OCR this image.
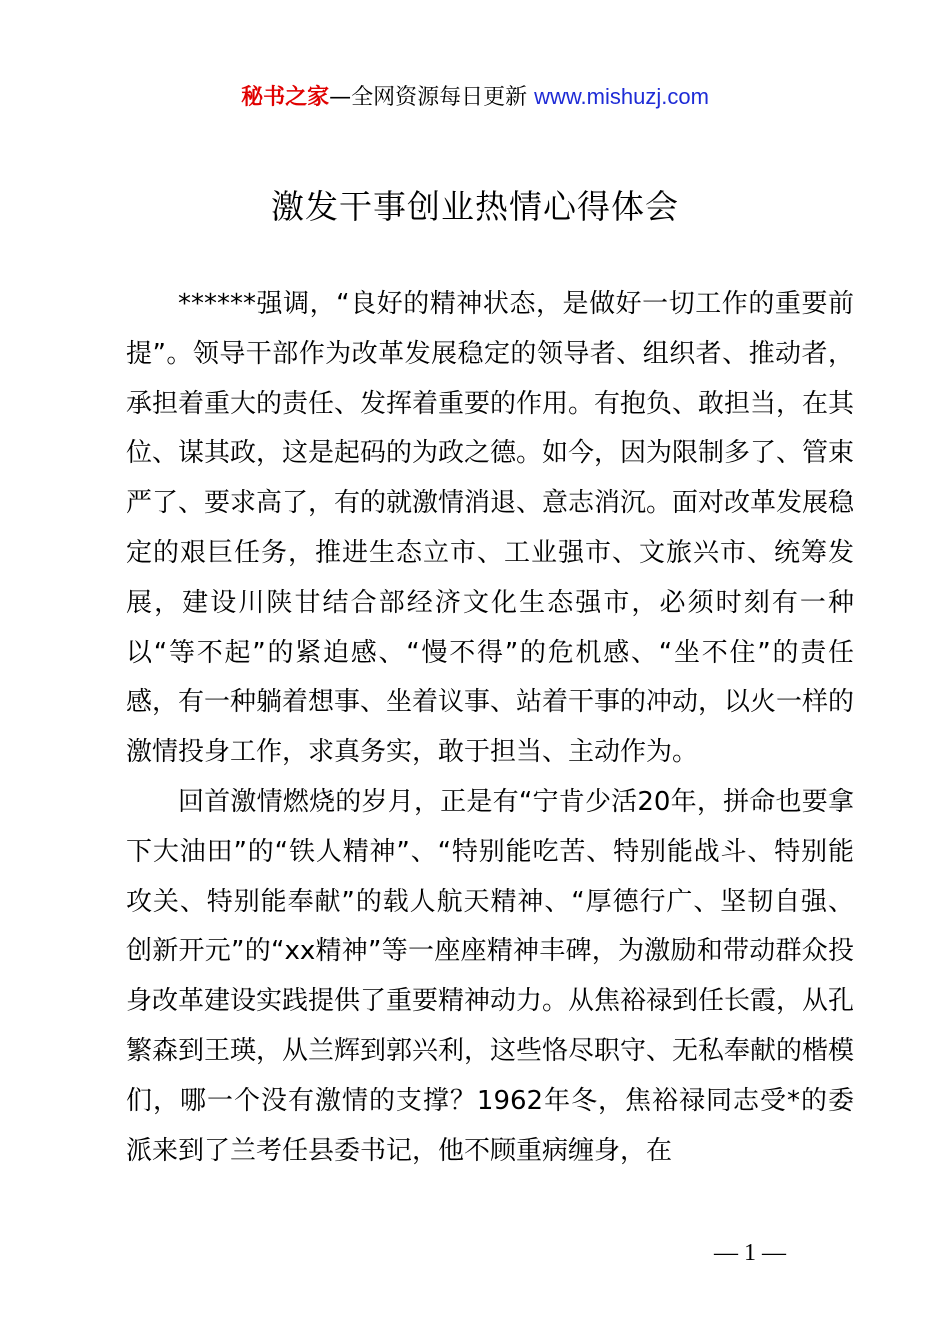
秘书之家—全网资源每日更新 www.mishuzj.com
激发干事创业热情心得体会

******强调，“良好的精神状态，是做好一切工作的重要前提”。领导干部作为改革发展稳定的领导者、组织者、推动者，承担着重大的责任、发挥着重要的作用。有抱负、敢担当，在其位、谋其政，这是起码的为政之德。如今，因为限制多了、管束严了、要求高了，有的就激情消退、意志消沉。面对改革发展稳定的艰巨任务，推进生态立市、工业强市、文旅兴市、统筹发展，建设川陕甘结合部经济文化生态强市，必须时刻有一种以“等不起”的紧迫感、“慢不得”的危机感、“坐不住”的责任感，有一种躺着想事、坐着议事、站着干事的冲动，以火一样的激情投身工作，求真务实，敢于担当、主动作为。

回首激情燃烧的岁月，正是有“宁肯少活20年，拼命也要拿下大油田”的“铁人精神”、“特别能吃苦、特别能战斗、特别能攻关、特别能奉献”的载人航天精神、“厚德行广、坚韧自强、创新开元”的“xx精神”等一座座精神丰碑，为激励和带动群众投身改革建设实践提供了重要精神动力。从焦裕禄到任长霞，从孔繁森到王瑛，从兰辉到郭兴利，这些恪尽职守、无私奉献的楷模们，哪一个没有激情的支撑？1962年冬，焦裕禄同志受*的委派来到了兰考任县委书记，他不顾重病缠身，在

— 1 —
